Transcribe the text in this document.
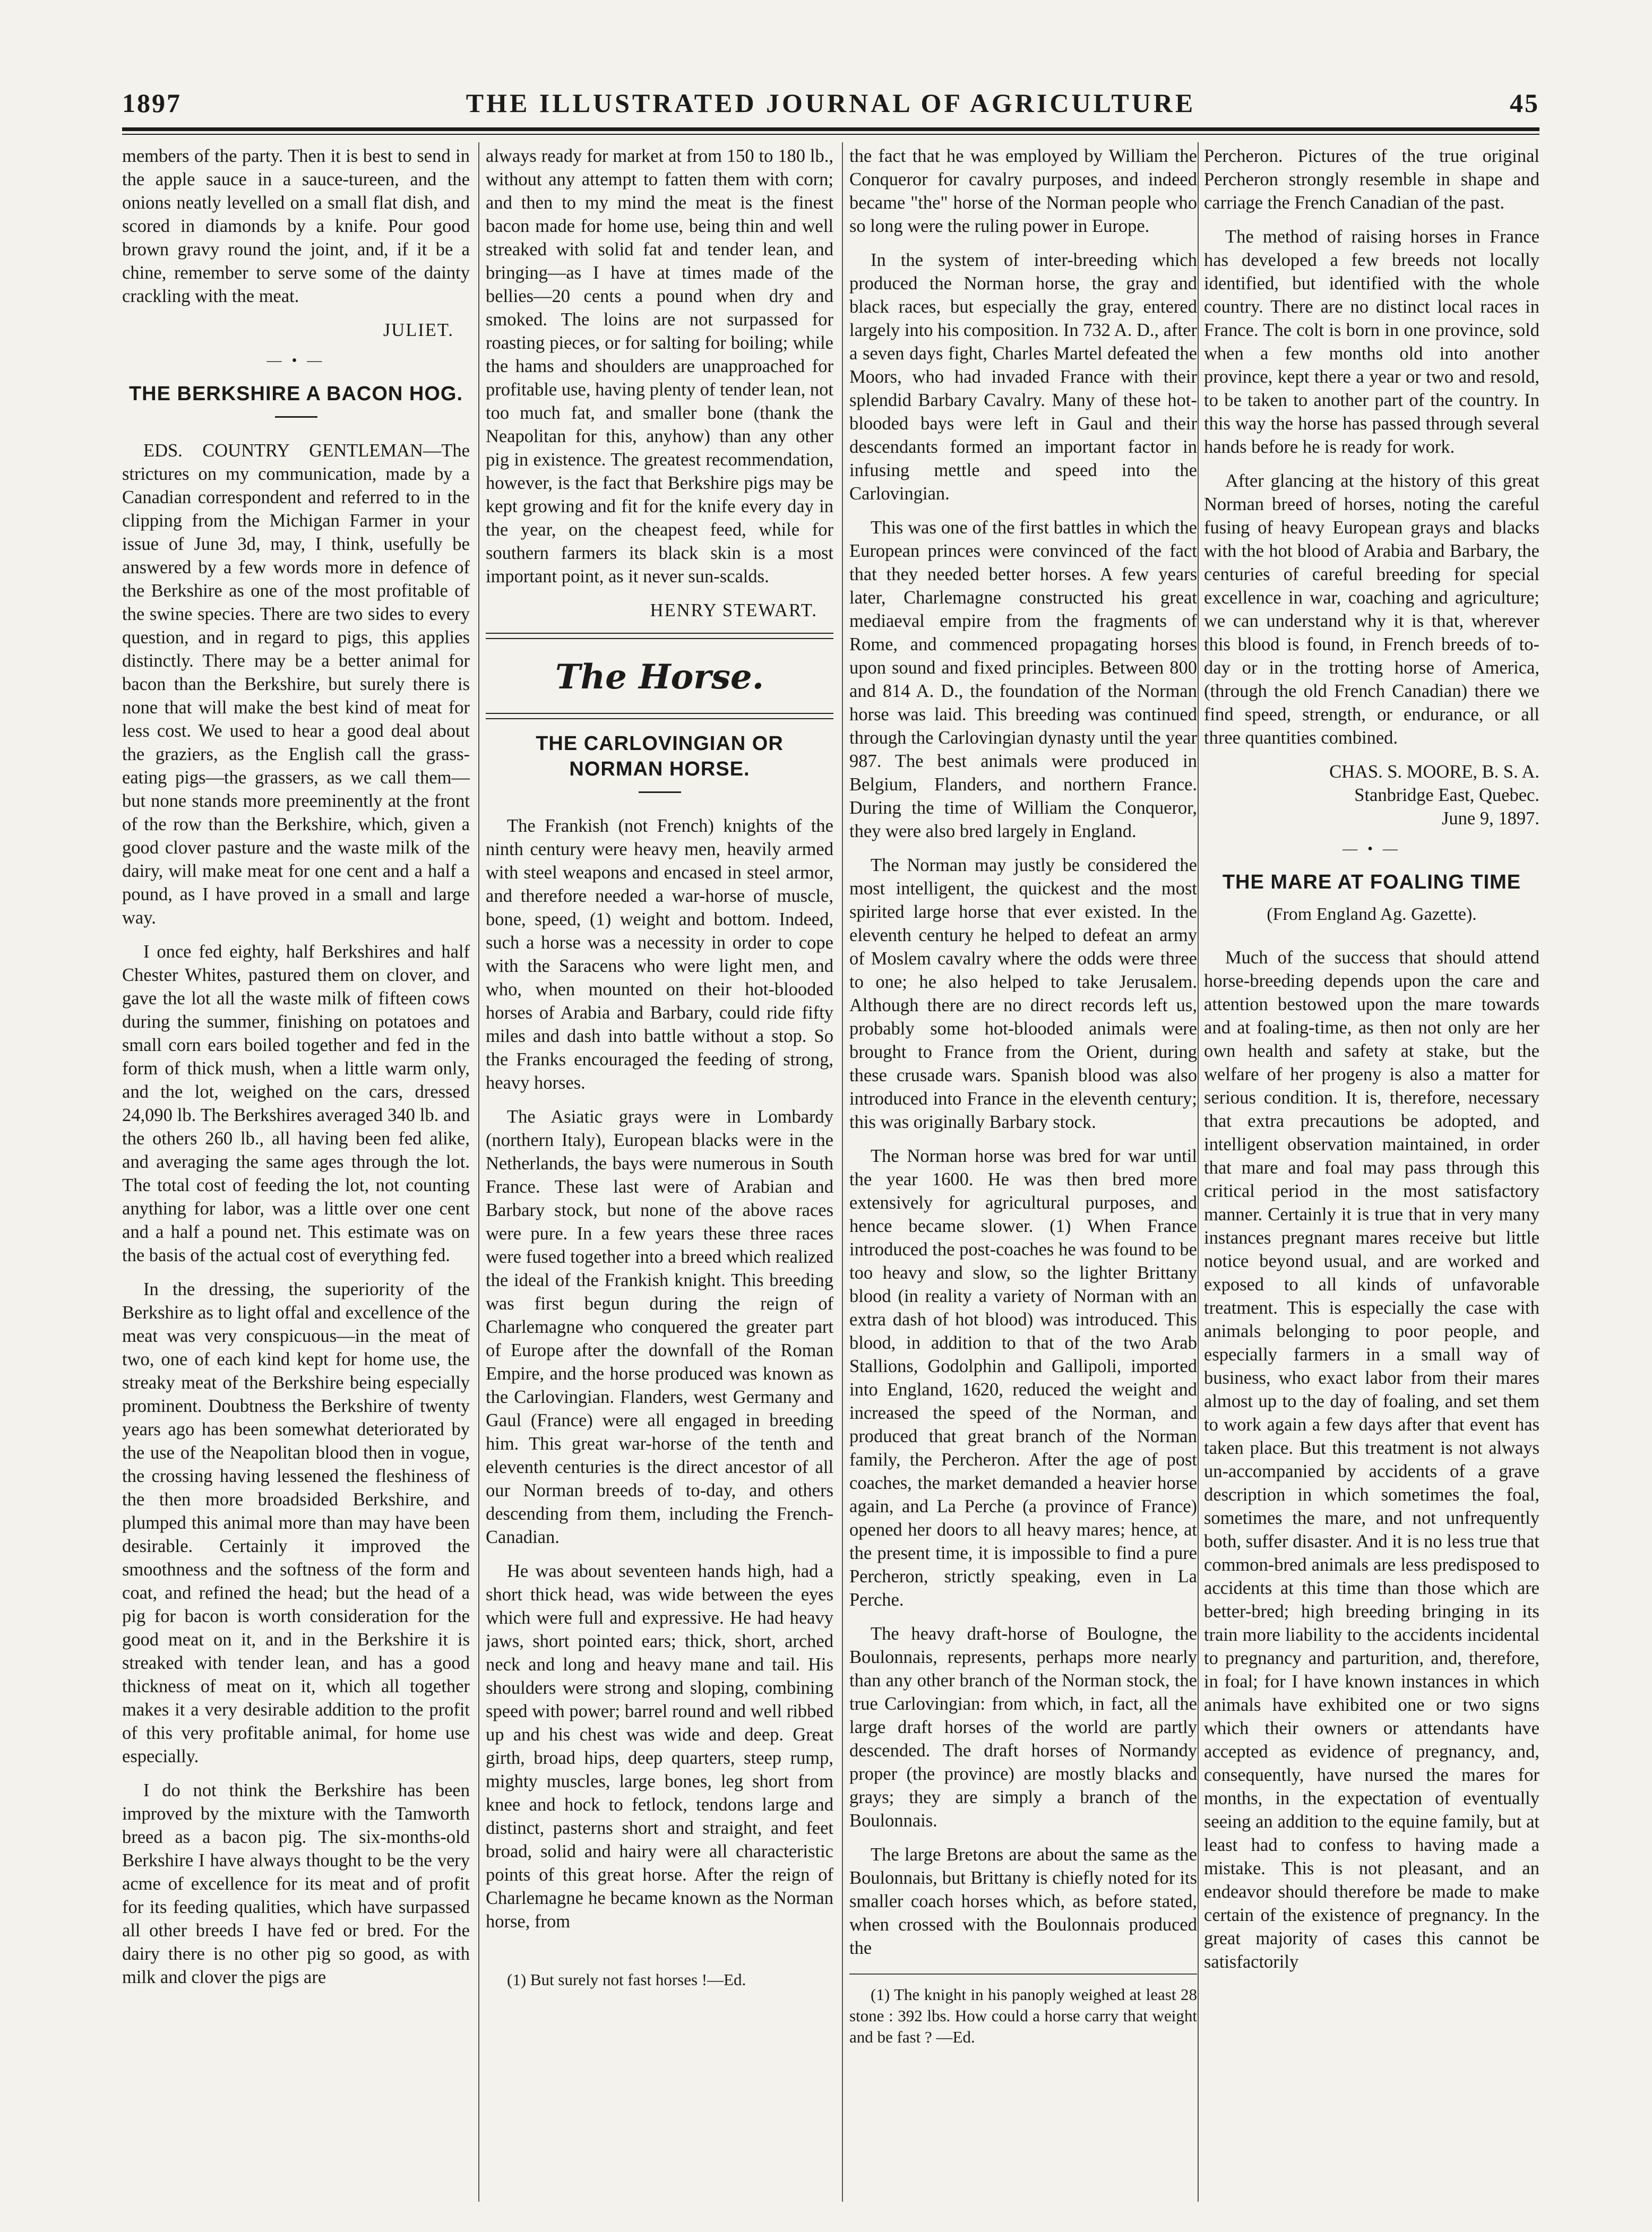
1897	THE ILLUSTRATED JOURNAL OF AGRICULTURE	45

members of the party. Then it is best to send in the apple sauce in a sauce-tureen, and the onions neatly levelled on a small flat dish, and scored in diamonds by a knife. Pour good brown gravy round the joint, and, if it be a chine, remember to serve some of the dainty crackling with the meat.

JULIET.

— • —
THE BERKSHIRE A BACON HOG.

EDS. COUNTRY GENTLEMAN—The strictures on my communication, made by a Canadian correspondent and referred to in the clipping from the Michigan Farmer in your issue of June 3d, may, I think, usefully be answered by a few words more in defence of the Berkshire as one of the most profitable of the swine species. There are two sides to every question, and in regard to pigs, this applies distinctly. There may be a better animal for bacon than the Berkshire, but surely there is none that will make the best kind of meat for less cost. We used to hear a good deal about the graziers, as the English call the grass-eating pigs—the grassers, as we call them—but none stands more preeminently at the front of the row than the Berkshire, which, given a good clover pasture and the waste milk of the dairy, will make meat for one cent and a half a pound, as I have proved in a small and large way.

I once fed eighty, half Berkshires and half Chester Whites, pastured them on clover, and gave the lot all the waste milk of fifteen cows during the summer, finishing on potatoes and small corn ears boiled together and fed in the form of thick mush, when a little warm only, and the lot, weighed on the cars, dressed 24,090 lb. The Berkshires averaged 340 lb. and the others 260 lb., all having been fed alike, and averaging the same ages through the lot. The total cost of feeding the lot, not counting anything for labor, was a little over one cent and a half a pound net. This estimate was on the basis of the actual cost of everything fed.

In the dressing, the superiority of the Berkshire as to light offal and excellence of the meat was very conspicuous—in the meat of two, one of each kind kept for home use, the streaky meat of the Berkshire being especially prominent. Doubtness the Berkshire of twenty years ago has been somewhat deteriorated by the use of the Neapolitan blood then in vogue, the crossing having lessened the fleshiness of the then more broadsided Berkshire, and plumped this animal more than may have been desirable. Certainly it improved the smoothness and the softness of the form and coat, and refined the head; but the head of a pig for bacon is worth consideration for the good meat on it, and in the Berkshire it is streaked with tender lean, and has a good thickness of meat on it, which all together makes it a very desirable addition to the profit of this very profitable animal, for home use especially.

I do not think the Berkshire has been improved by the mixture with the Tamworth breed as a bacon pig. The six-months-old Berkshire I have always thought to be the very acme of excellence for its meat and of profit for its feeding qualities, which have surpassed all other breeds I have fed or bred. For the dairy there is no other pig so good, as with milk and clover the pigs are

always ready for market at from 150 to 180 lb., without any attempt to fatten them with corn; and then to my mind the meat is the finest bacon made for home use, being thin and well streaked with solid fat and tender lean, and bringing—as I have at times made of the bellies—20 cents a pound when dry and smoked. The loins are not surpassed for roasting pieces, or for salting for boiling; while the hams and shoulders are unapproached for profitable use, having plenty of tender lean, not too much fat, and smaller bone (thank the Neapolitan for this, anyhow) than any other pig in existence. The greatest recommendation, however, is the fact that Berkshire pigs may be kept growing and fit for the knife every day in the year, on the cheapest feed, while for southern farmers its black skin is a most important point, as it never sun-scalds.

HENRY STEWART.

The Horse.
THE CARLOVINGIAN OR NORMAN HORSE.

The Frankish (not French) knights of the ninth century were heavy men, heavily armed with steel weapons and encased in steel armor, and therefore needed a war-horse of muscle, bone, speed, (1) weight and bottom. Indeed, such a horse was a necessity in order to cope with the Saracens who were light men, and who, when mounted on their hot-blooded horses of Arabia and Barbary, could ride fifty miles and dash into battle without a stop. So the Franks encouraged the feeding of strong, heavy horses.

The Asiatic grays were in Lombardy (northern Italy), European blacks were in the Netherlands, the bays were numerous in South France. These last were of Arabian and Barbary stock, but none of the above races were pure. In a few years these three races were fused together into a breed which realized the ideal of the Frankish knight. This breeding was first begun during the reign of Charlemagne who conquered the greater part of Europe after the downfall of the Roman Empire, and the horse produced was known as the Carlovingian. Flanders, west Germany and Gaul (France) were all engaged in breeding him. This great war-horse of the tenth and eleventh centuries is the direct ancestor of all our Norman breeds of to-day, and others descending from them, including the French-Canadian.

He was about seventeen hands high, had a short thick head, was wide between the eyes which were full and expressive. He had heavy jaws, short pointed ears; thick, short, arched neck and long and heavy mane and tail. His shoulders were strong and sloping, combining speed with power; barrel round and well ribbed up and his chest was wide and deep. Great girth, broad hips, deep quarters, steep rump, mighty muscles, large bones, leg short from knee and hock to fetlock, tendons large and distinct, pasterns short and straight, and feet broad, solid and hairy were all characteristic points of this great horse. After the reign of Charlemagne he became known as the Norman horse, from

(1) But surely not fast horses !—Ed.

the fact that he was employed by William the Conqueror for cavalry purposes, and indeed became "the" horse of the Norman people who so long were the ruling power in Europe.

In the system of inter-breeding which produced the Norman horse, the gray and black races, but especially the gray, entered largely into his composition. In 732 A. D., after a seven days fight, Charles Martel defeated the Moors, who had invaded France with their splendid Barbary Cavalry. Many of these hot-blooded bays were left in Gaul and their descendants formed an important factor in infusing mettle and speed into the Carlovingian.

This was one of the first battles in which the European princes were convinced of the fact that they needed better horses. A few years later, Charlemagne constructed his great mediaeval empire from the fragments of Rome, and commenced propagating horses upon sound and fixed principles. Between 800 and 814 A. D., the foundation of the Norman horse was laid. This breeding was continued through the Carlovingian dynasty until the year 987. The best animals were produced in Belgium, Flanders, and northern France. During the time of William the Conqueror, they were also bred largely in England.

The Norman may justly be considered the most intelligent, the quickest and the most spirited large horse that ever existed. In the eleventh century he helped to defeat an army of Moslem cavalry where the odds were three to one; he also helped to take Jerusalem. Although there are no direct records left us, probably some hot-blooded animals were brought to France from the Orient, during these crusade wars. Spanish blood was also introduced into France in the eleventh century; this was originally Barbary stock.

The Norman horse was bred for war until the year 1600. He was then bred more extensively for agricultural purposes, and hence became slower. (1) When France introduced the post-coaches he was found to be too heavy and slow, so the lighter Brittany blood (in reality a variety of Norman with an extra dash of hot blood) was introduced. This blood, in addition to that of the two Arab Stallions, Godolphin and Gallipoli, imported into England, 1620, reduced the weight and increased the speed of the Norman, and produced that great branch of the Norman family, the Percheron. After the age of post coaches, the market demanded a heavier horse again, and La Perche (a province of France) opened her doors to all heavy mares; hence, at the present time, it is impossible to find a pure Percheron, strictly speaking, even in La Perche.

The heavy draft-horse of Boulogne, the Boulonnais, represents, perhaps more nearly than any other branch of the Norman stock, the true Carlovingian: from which, in fact, all the large draft horses of the world are partly descended. The draft horses of Normandy proper (the province) are mostly blacks and grays; they are simply a branch of the Boulonnais.

The large Bretons are about the same as the Boulonnais, but Brittany is chiefly noted for its smaller coach horses which, as before stated, when crossed with the Boulonnais produced the

(1) The knight in his panoply weighed at least 28 stone : 392 lbs. How could a horse carry that weight and be fast ? —Ed.

Percheron. Pictures of the true original Percheron strongly resemble in shape and carriage the French Canadian of the past.

The method of raising horses in France has developed a few breeds not locally identified, but identified with the whole country. There are no distinct local races in France. The colt is born in one province, sold when a few months old into another province, kept there a year or two and resold, to be taken to another part of the country. In this way the horse has passed through several hands before he is ready for work.

After glancing at the history of this great Norman breed of horses, noting the careful fusing of heavy European grays and blacks with the hot blood of Arabia and Barbary, the centuries of careful breeding for special excellence in war, coaching and agriculture; we can understand why it is that, wherever this blood is found, in French breeds of to-day or in the trotting horse of America, (through the old French Canadian) there we find speed, strength, or endurance, or all three quantities combined.

CHAS. S. MOORE, B. S. A.

Stanbridge East, Quebec.

June 9, 1897.

— • —
THE MARE AT FOALING TIME
(From England Ag. Gazette).

Much of the success that should attend horse-breeding depends upon the care and attention bestowed upon the mare towards and at foaling-time, as then not only are her own health and safety at stake, but the welfare of her progeny is also a matter for serious condition. It is, therefore, necessary that extra precautions be adopted, and intelligent observation maintained, in order that mare and foal may pass through this critical period in the most satisfactory manner. Certainly it is true that in very many instances pregnant mares receive but little notice beyond usual, and are worked and exposed to all kinds of unfavorable treatment. This is especially the case with animals belonging to poor people, and especially farmers in a small way of business, who exact labor from their mares almost up to the day of foaling, and set them to work again a few days after that event has taken place. But this treatment is not always un-accompanied by accidents of a grave description in which sometimes the foal, sometimes the mare, and not unfrequently both, suffer disaster. And it is no less true that common-bred animals are less predisposed to accidents at this time than those which are better-bred; high breeding bringing in its train more liability to the accidents incidental to pregnancy and parturition, and, therefore, in foal; for I have known instances in which animals have exhibited one or two signs which their owners or attendants have accepted as evidence of pregnancy, and, consequently, have nursed the mares for months, in the expectation of eventually seeing an addition to the equine family, but at least had to confess to having made a mistake. This is not pleasant, and an endeavor should therefore be made to make certain of the existence of pregnancy. In the great majority of cases this cannot be satisfactorily
